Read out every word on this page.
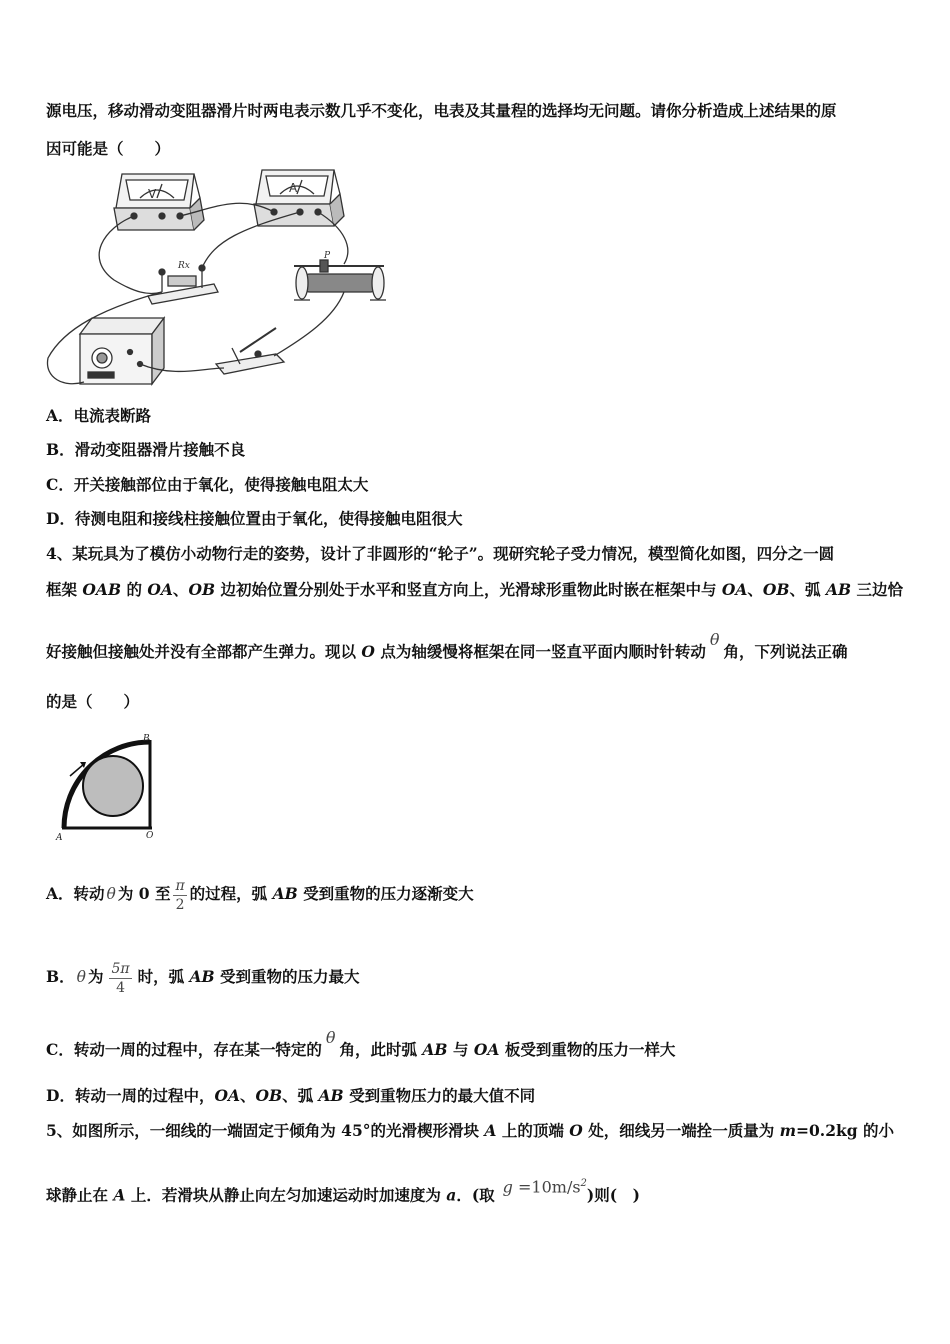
源电压，移动滑动变阻器滑片时两电表示数几乎不变化，电表及其量程的选择均无问题。请你分析造成上述结果的原
因可能是（　　）
V	A
Rx
P
A．电流表断路
B．滑动变阻器滑片接触不良
C．开关接触部位由于氧化，使得接触电阻太大
D．待测电阻和接线柱接触位置由于氧化，使得接触电阻很大
4、某玩具为了模仿小动物行走的姿势，设计了非圆形的“轮子”。现研究轮子受力情况，模型简化如图，四分之一圆
框架 OAB 的 OA、OB 边初始位置分别处于水平和竖直方向上，光滑球形重物此时嵌在框架中与 OA、OB、弧 AB 三边恰
好接触但接触处并没有全部都产生弹力。现以 O 点为轴缓慢将框架在同一竖直平面内顺时针转动θ角，下列说法正确
的是（　　）
B
A	O
A．转动 θ 为 0 至 $\frac{\pi}{2}$ 的过程，弧 AB 受到重物的压力逐渐变大
B． θ 为 $\frac{5\pi}{4}$ 时，弧 AB 受到重物的压力最大
C．转动一周的过程中，存在某一特定的θ角，此时弧 AB 与 OA 板受到重物的压力一样大
D．转动一周的过程中，OA、OB、弧 AB 受到重物压力的最大值不同
5、如图所示，一细线的一端固定于倾角为 45°的光滑楔形滑块 A 上的顶端 O 处，细线另一端拴一质量为 m=0.2kg 的小
球静止在 A 上．若滑块从静止向左匀加速运动时加速度为 a．(取 $g =10m/s^2$)则(　)
